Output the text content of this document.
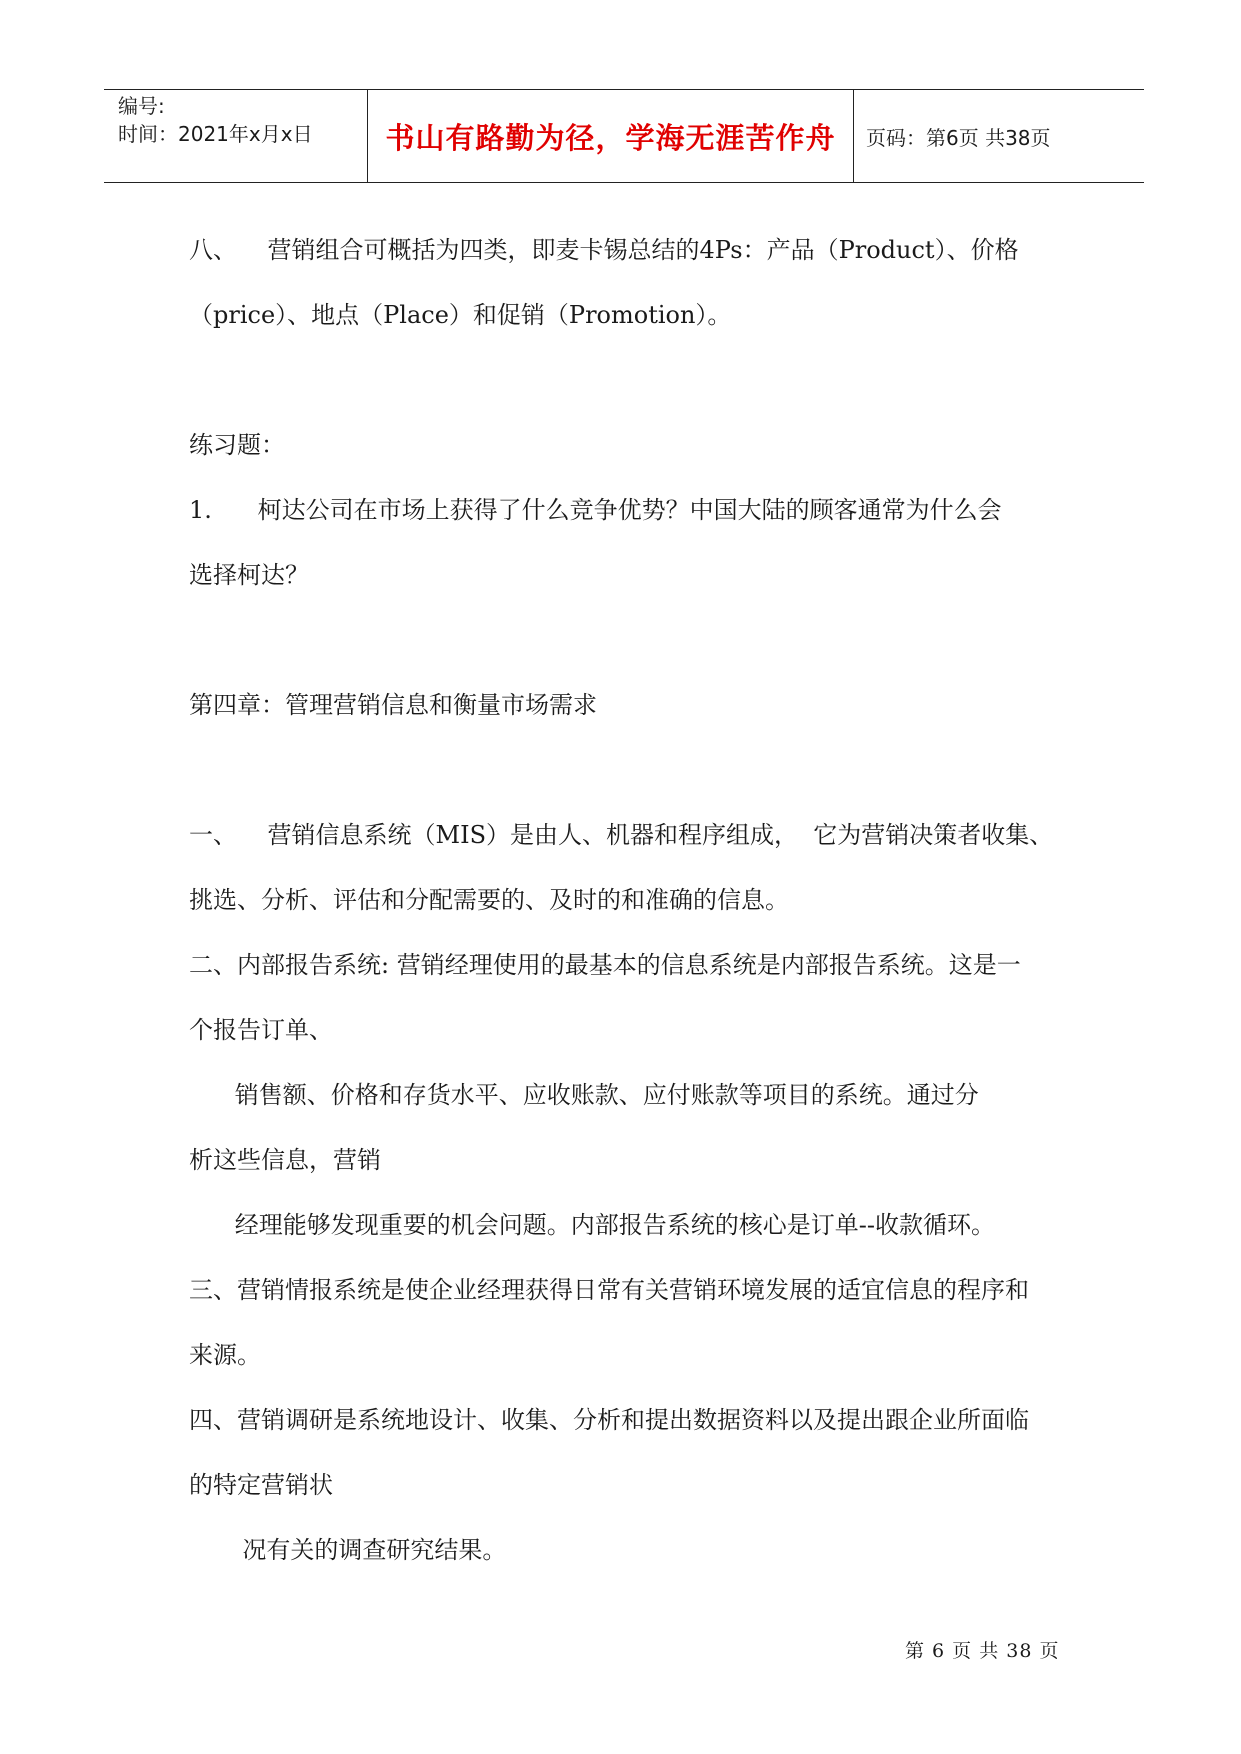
编号:
时间：2021年x月x日	书山有路勤为径，学海无涯苦作舟 页码：第6页 共38页
八、    营销组合可概括为四类，即麦卡锡总结的4Ps：产品（Product）、价格
（price）、地点（Place）和促销（Promotion）。
练习题：
1.      柯达公司在市场上获得了什么竞争优势？中国大陆的顾客通常为什么会
选择柯达？
第四章：管理营销信息和衡量市场需求
一、    营销信息系统（MIS）是由人、机器和程序组成，  它为营销决策者收集、
挑选、分析、评估和分配需要的、及时的和准确的信息。
二、内部报告系统: 营销经理使用的最基本的信息系统是内部报告系统。这是一
个报告订单、
销售额、价格和存货水平、应收账款、应付账款等项目的系统。通过分
析这些信息，营销
经理能够发现重要的机会问题。内部报告系统的核心是订单--收款循环。
三、营销情报系统是使企业经理获得日常有关营销环境发展的适宜信息的程序和
来源。
四、营销调研是系统地设计、收集、分析和提出数据资料以及提出跟企业所面临
的特定营销状
况有关的调查研究结果。
第 6 页 共 38 页
